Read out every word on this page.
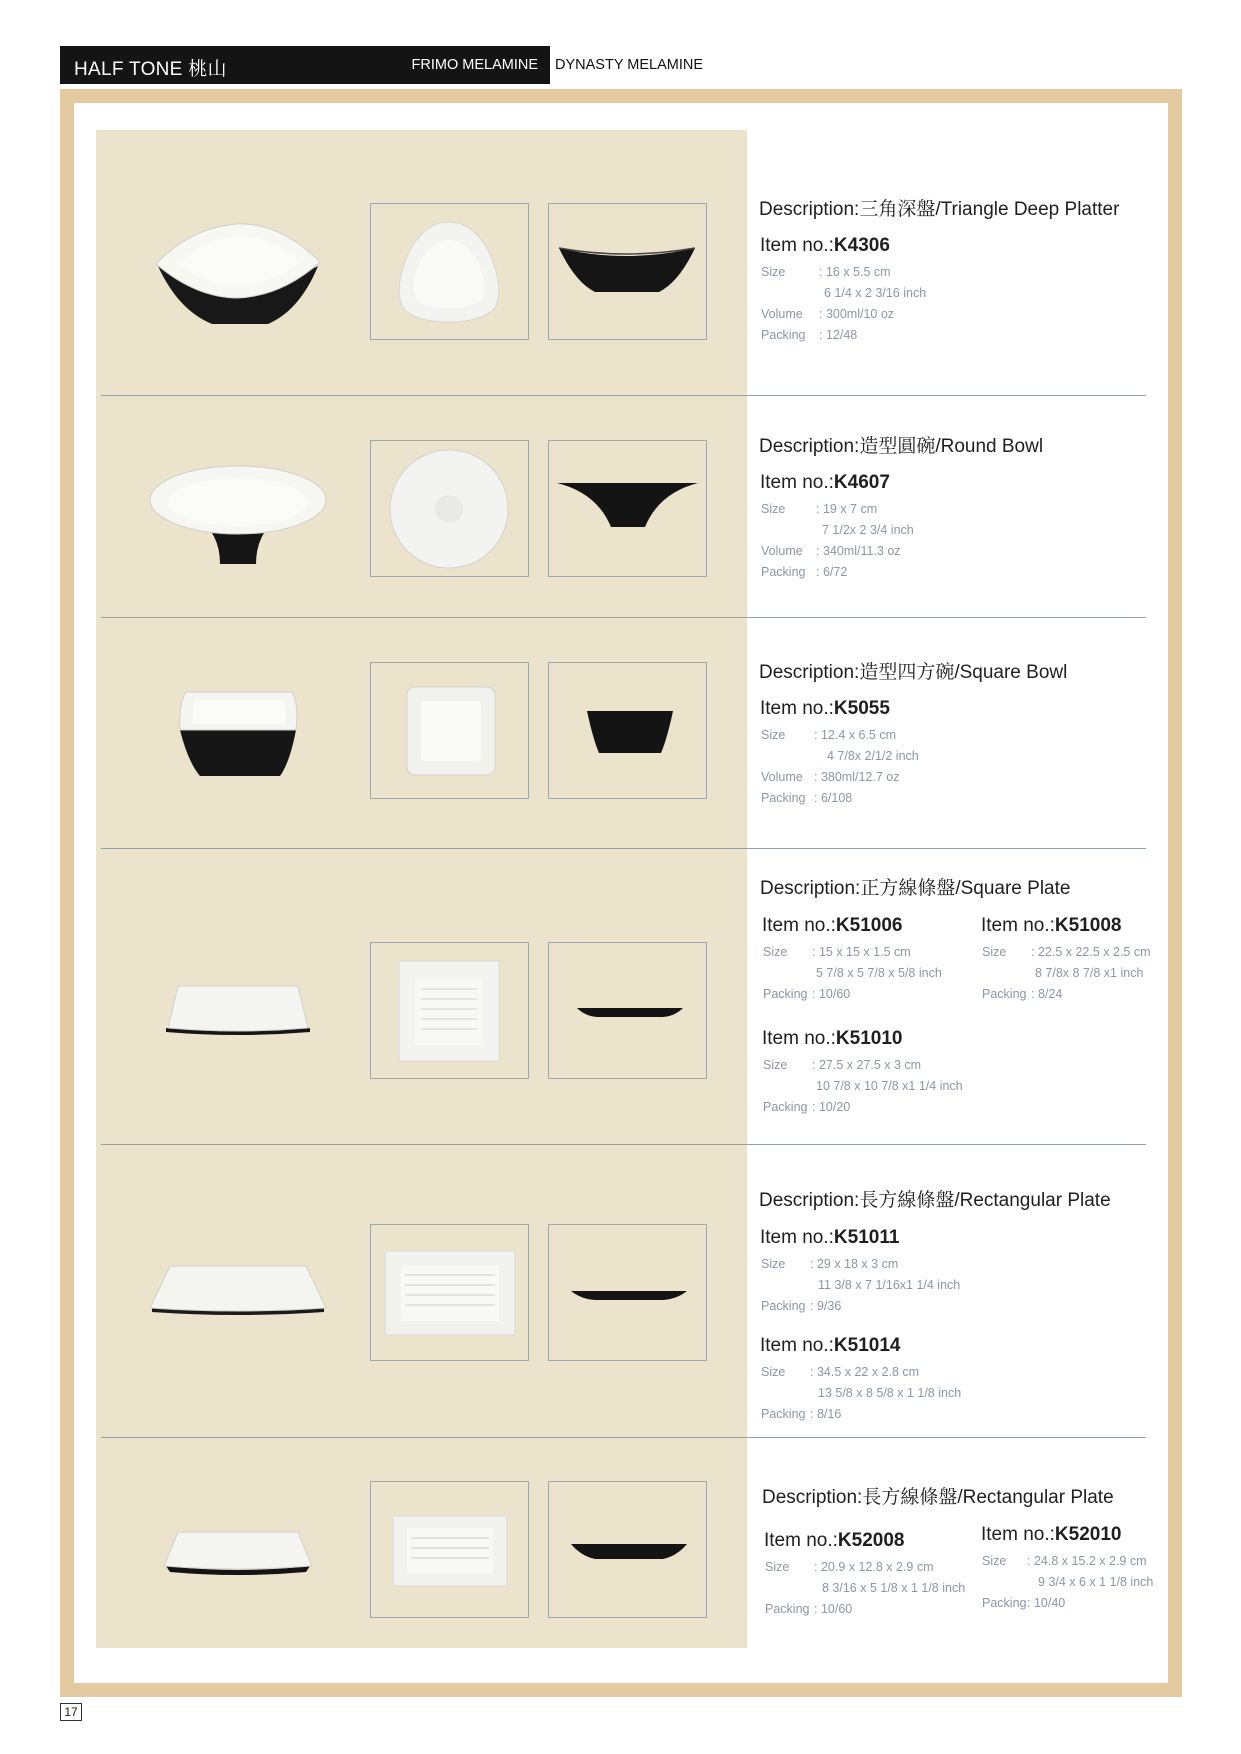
HALF TONE 桃山	FRIMO MELAMINE DYNASTY MELAMINE
Description:三角深盤/Triangle Deep Platter
Item no.:K4306
Size	: 16 x 5.5 cm
6 1/4 x 2 3/16 inch
Volume : 300ml/10 oz
Packing : 12/48
Description:造型圓碗/Round Bowl
Item no.:K4607
Size : 19 x 7 cm
7 1/2x 2 3/4 inch
Volume : 340ml/11.3 oz
Packing : 6/72
Description:造型四方碗/Square Bowl
Item no.:K5055
Size : 12.4 x 6.5 cm
4 7/8x 2/1/2 inch
Volume : 380ml/12.7 oz
Packing : 6/108
Description:正方線條盤/Square Plate
Item no.:K51006
Size : 15 x 15 x 1.5 cm
5 7/8 x 5 7/8 x 5/8 inch
Packing : 10/60
Item no.:K51008
Size : 22.5 x 22.5 x 2.5 cm
8 7/8x 8 7/8 x1 inch
Packing : 8/24
Item no.:K51010
Size : 27.5 x 27.5 x 3 cm
10 7/8 x 10 7/8 x1 1/4 inch
Packing : 10/20
Description:長方線條盤/Rectangular Plate
Item no.:K51011
Size : 29 x 18 x 3 cm
11 3/8 x 7 1/16x1 1/4 inch
Packing : 9/36
Item no.:K51014
Size : 34.5 x 22 x 2.8 cm
13 5/8 x 8 5/8 x 1 1/8 inch
Packing : 8/16
Description:長方線條盤/Rectangular Plate
Item no.:K52008
Size : 20.9 x 12.8 x 2.9 cm
8 3/16 x 5 1/8 x 1 1/8 inch
Packing : 10/60
Item no.:K52010
Size : 24.8 x 15.2 x 2.9 cm
9 3/4 x 6 x 1 1/8 inch
Packing: 10/40
17
